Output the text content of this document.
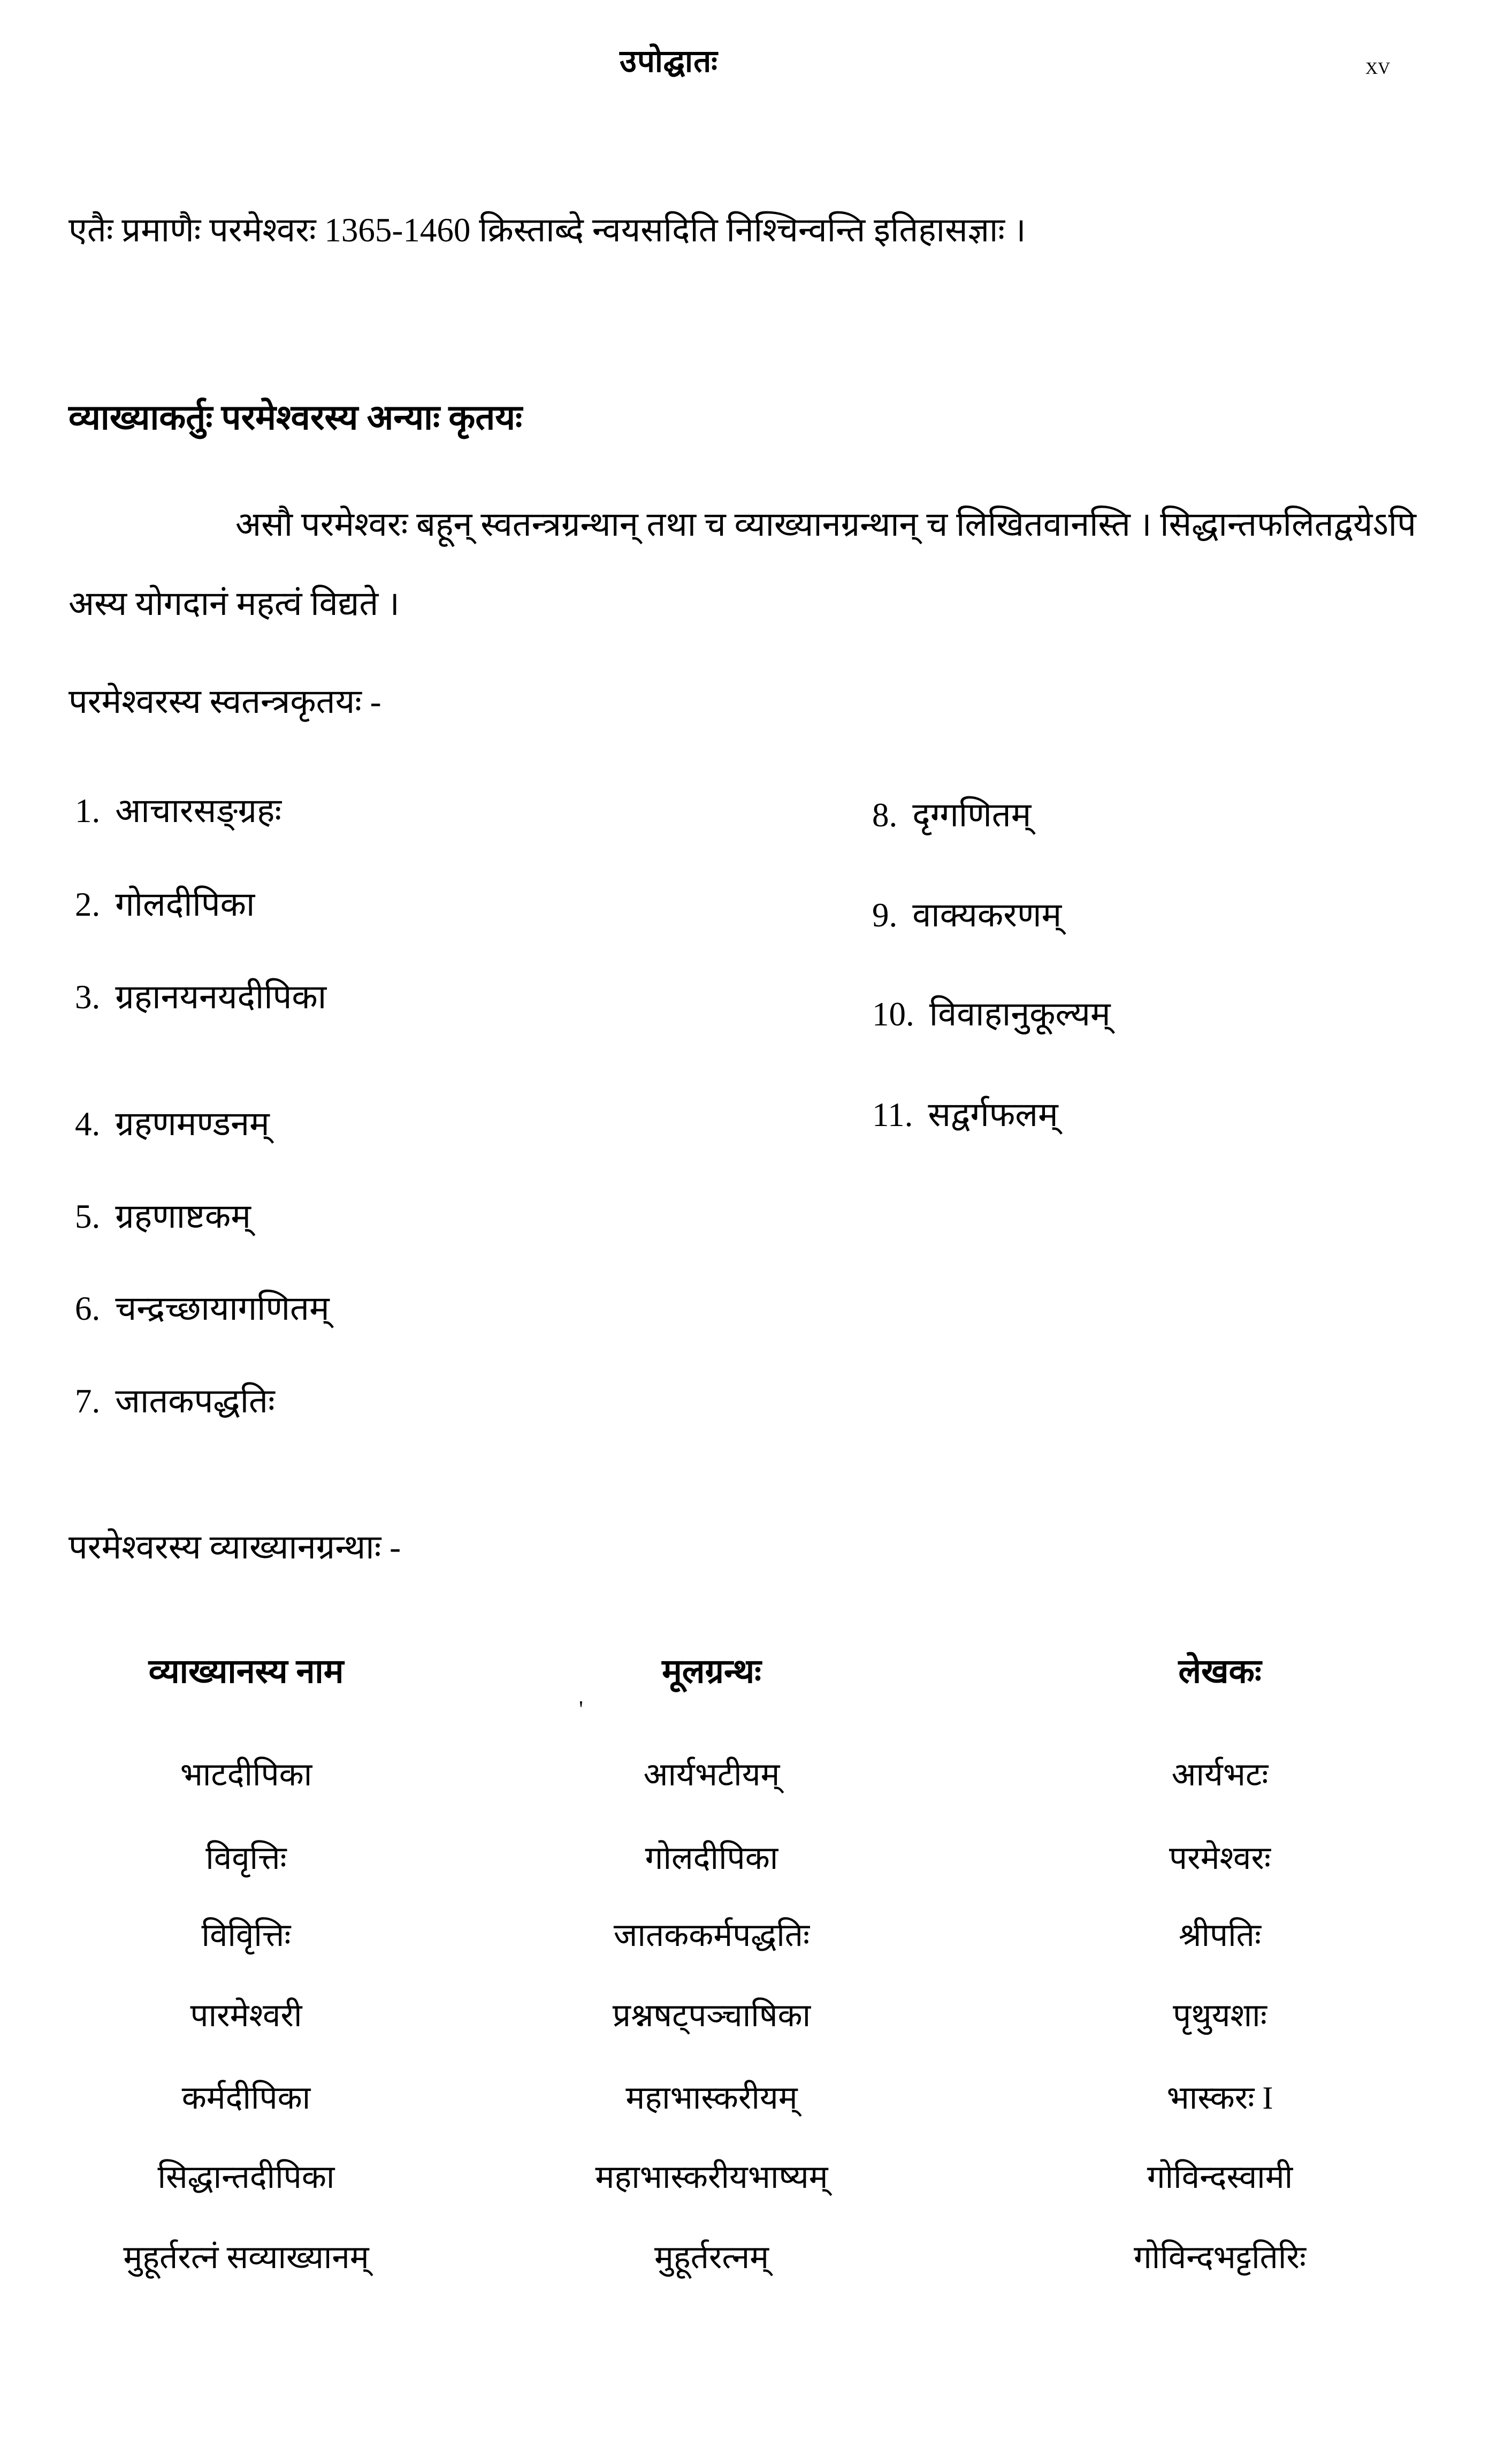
उपोद्घातः	xv
एतैः प्रमाणैः परमेश्वरः 1365-1460 क्रिस्ताब्दे न्वयसदिति निश्चिन्वन्ति इतिहासज्ञाः ।
व्याख्याकर्तुः परमेश्वरस्य अन्याः कृतयः
असौ परमेश्वरः बहून् स्वतन्त्रग्रन्थान् तथा च व्याख्यानग्रन्थान् च लिखितवानस्ति । सिद्धान्तफलितद्वयेऽपि अस्य योगदानं महत्वं विद्यते ।
परमेश्वरस्य स्वतन्त्रकृतयः -
1. आचारसङ्ग्रहः
2. गोलदीपिका
3. ग्रहानयनयदीपिका
4. ग्रहणमण्डनम्
5. ग्रहणाष्टकम्
6. चन्द्रच्छायागणितम्
7. जातकपद्धतिः
8. दृग्गणितम्
9. वाक्यकरणम्
10. विवाहानुकूल्यम्
11. सद्वर्गफलम्
परमेश्वरस्य व्याख्यानग्रन्थाः -
व्याख्यानस्य नाम	मूलग्रन्थः	लेखकः
'
भाटदीपिका	आर्यभटीयम्	आर्यभटः
विवृत्तिः	गोलदीपिका	परमेश्वरः
विविृत्तिः	जातककर्मपद्धतिः	श्रीपतिः
पारमेश्वरी	प्रश्नषट्पञ्चाषिका	पृथुयशाः
कर्मदीपिका	महाभास्करीयम्	भास्करः I
सिद्धान्तदीपिका	महाभास्करीयभाष्यम्	गोविन्दस्वामी
मुहूर्तरत्नं सव्याख्यानम्	मुहूर्तरत्नम्	गोविन्दभट्टतिरिः
